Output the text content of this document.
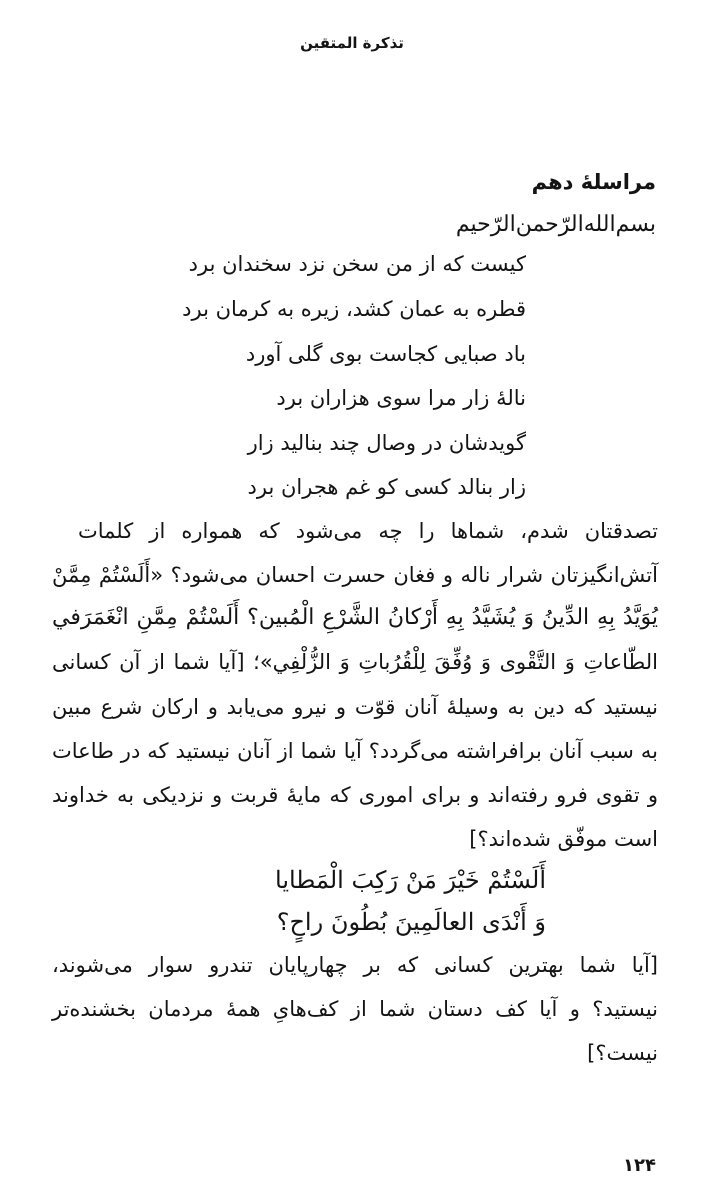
تذكرة المتقين
مراسلهٔ دهم
بسم‌الله‌الرّحمن‌الرّحيم
کیست که از من سخن نزد سخندان برد
قطره به عمان کشد، زیره به کرمان برد
باد صبایی کجاست بوی گلی آورد
نالهٔ زار مرا سوی هزاران برد
گویدشان در وصال چند بنالید زار
زار بنالد کسی کو غم هجران برد
تصدقتان شدم، شماها را چه می‌شود که همواره از کلمات
آتش‌انگیزتان شرار ناله و فغان حسرت احسان می‌شود؟ «أَلَسْتُمْ مِمَّنْ
يُوَيَّدُ بِهِ الدِّينُ وَ يُشَيَّدُ بِهِ أَرْكانُ الشَّرْعِ الْمُبين؟ أَلَسْتُمْ مِمَّنِ انْغَمَرَفي
الطّاعاتِ وَ التَّقْوى وَ وُفِّقَ لِلْقُرُباتِ وَ الزُّلْفِي»؛ [آيا شما از آن كسانى
نیستید که دین به وسیلهٔ آنان قوّت و نیرو می‌یابد و ارکان شرع مبین
به سبب آنان برافراشته می‌گردد؟ آیا شما از آنان نیستید که در طاعات
و تقوی فرو رفته‌اند و برای اموری که مایهٔ قربت و نزدیکی به خداوند
است موفّق شده‌اند؟]
أَلَسْتُمْ خَيْرَ مَنْ رَكِبَ الْمَطايا
وَ أَنْدَى العالَمِينَ بُطُونَ راحٍ؟
[آیا شما بهترین کسانی که بر چهارپایان تندرو سوار می‌شوند،
نیستید؟ و آیا کف دستان شما از کف‌هایِ همهٔ مردمان بخشنده‌تر
نیست؟]
۱۲۴
